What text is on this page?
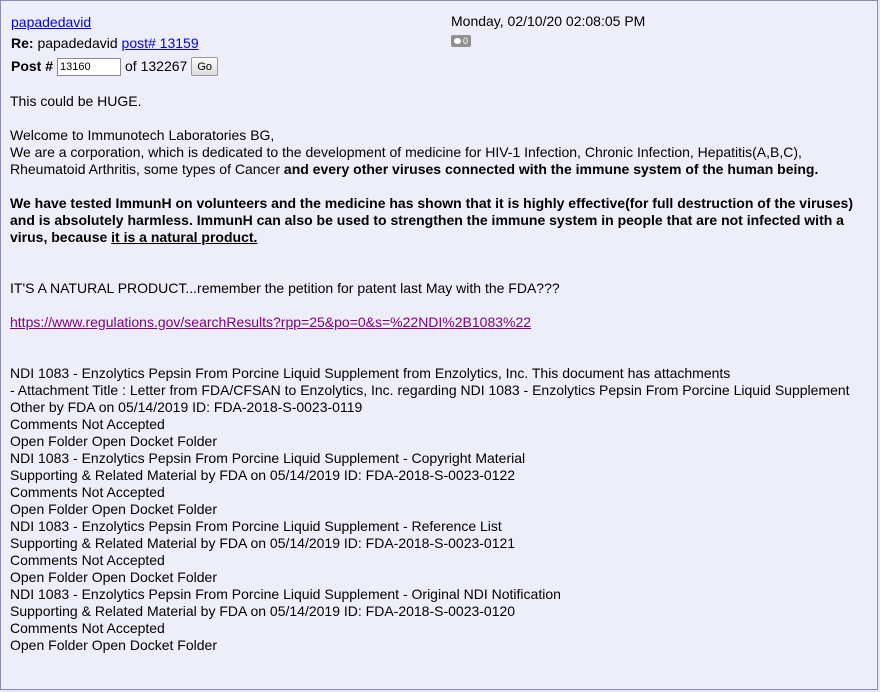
papadedavid
Re: papadedavid post# 13159
Post #
13160	of 132267 Go
Monday, 02/10/20 02:08:05 PM
0

This could be HUGE.

Welcome to Immunotech Laboratories BG,

We are a corporation, which is dedicated to the development of medicine for HIV-1 Infection, Chronic Infection, Hepatitis(A,B,C), Rheumatoid Arthritis, some types of Cancer and every other viruses connected with the immune system of the human being.

We have tested ImmunH on volunteers and the medicine has shown that it is highly effective(for full destruction of the viruses) and is absolutely harmless. ImmunH can also be used to strengthen the immune system in people that are not infected with a virus, because it is a natural product.

IT'S A NATURAL PRODUCT...remember the petition for patent last May with the FDA???

https://www.regulations.gov/searchResults?rpp=25&po=0&s=%22NDI%2B1083%22

NDI 1083 - Enzolytics Pepsin From Porcine Liquid Supplement from Enzolytics, Inc. This document has attachments

- Attachment Title : Letter from FDA/CFSAN to Enzolytics, Inc. regarding NDI 1083 - Enzolytics Pepsin From Porcine Liquid Supplement

Other by FDA on 05/14/2019 ID: FDA-2018-S-0023-0119

Comments Not Accepted

Open Folder Open Docket Folder

NDI 1083 - Enzolytics Pepsin From Porcine Liquid Supplement - Copyright Material

Supporting & Related Material by FDA on 05/14/2019 ID: FDA-2018-S-0023-0122

Comments Not Accepted

Open Folder Open Docket Folder

NDI 1083 - Enzolytics Pepsin From Porcine Liquid Supplement - Reference List

Supporting & Related Material by FDA on 05/14/2019 ID: FDA-2018-S-0023-0121

Comments Not Accepted

Open Folder Open Docket Folder

NDI 1083 - Enzolytics Pepsin From Porcine Liquid Supplement - Original NDI Notification

Supporting & Related Material by FDA on 05/14/2019 ID: FDA-2018-S-0023-0120

Comments Not Accepted

Open Folder Open Docket Folder
